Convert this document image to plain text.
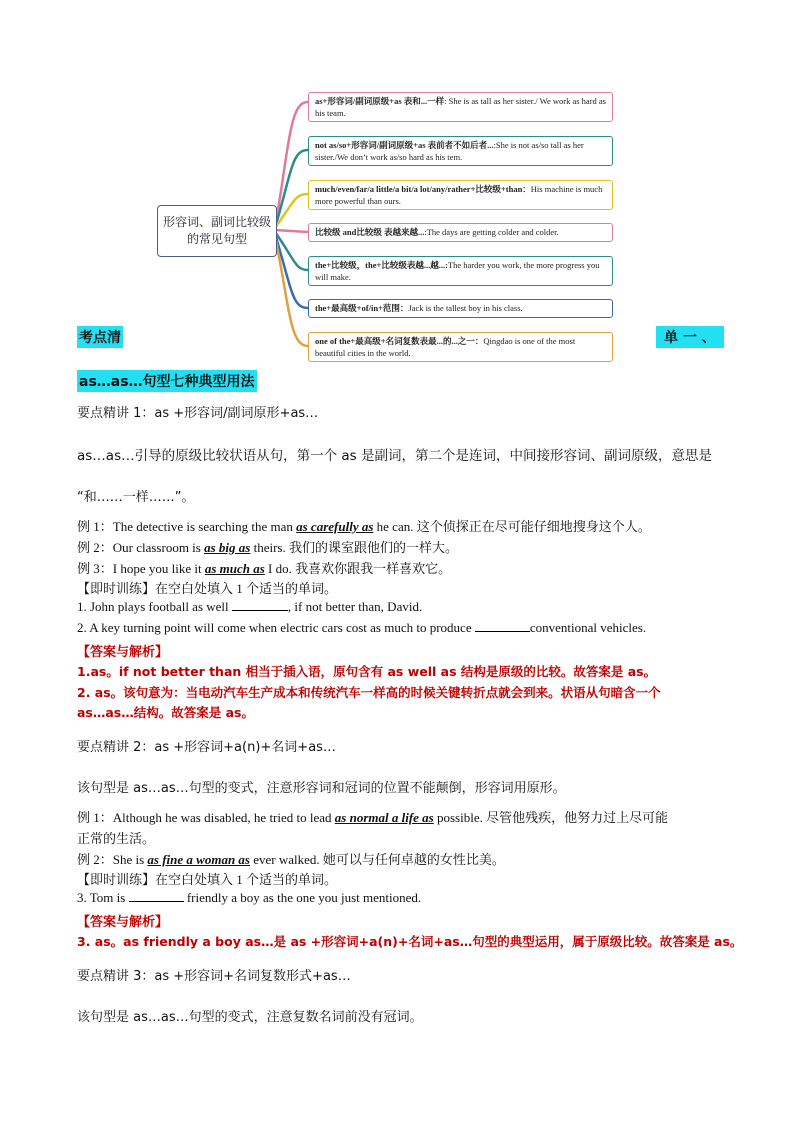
形容词、副词比较级的常见句型
as+形容词/副词原级+as 表和...一样: She is as tall as her sister./ We work as hard as his team.
not as/so+形容词/副词原级+as 表前者不如后者...:She is not as/so tall as her sister./We don’t work as/so hard as his tem.
much/even/far/a little/a bit/a lot/any/rather+比较级+than：His machine is much more powerful than ours.
比较级 and比较级 表越来越...:The days are getting colder and colder.
the+比较级，the+比较级表越...越...:The harder you work, the more progress you will make.
the+最高级+of/in+范围：Jack is the tallest boy in his class.
one of the+最高级+名词复数表最...的...之一：Qingdao is one of the most beautiful cities in the world.
考点清	单 一 、
as…as…句型七种典型用法
要点精讲 1：as +形容词/副词原形+as…
as…as…引导的原级比较状语从句，第一个 as 是副词，第二个是连词，中间接形容词、副词原级，意思是
“和……一样……”。
例 1：The detective is searching the man as carefully as he can. 这个侦探正在尽可能仔细地搜身这个人。
例 2：Our classroom is as big as theirs. 我们的课室跟他们的一样大。
例 3：I hope you like it as much as I do. 我喜欢你跟我一样喜欢它。
【即时训练】在空白处填入 1 个适当的单词。
1. John plays football as well	, if not better than, David.
2. A key turning point will come when electric cars cost as much to produce	conventional vehicles.
【答案与解析】
1.as。if not better than 相当于插入语，原句含有 as well as 结构是原级的比较。故答案是 as。
2. as。该句意为：当电动汽车生产成本和传统汽车一样高的时候关键转折点就会到来。状语从句暗含一个
as…as…结构。故答案是 as。
要点精讲 2：as +形容词+a(n)+名词+as…
该句型是 as…as…句型的变式，注意形容词和冠词的位置不能颠倒，形容词用原形。
例 1：Although he was disabled, he tried to lead as normal a life as possible. 尽管他残疾，他努力过上尽可能
正常的生活。
例 2：She is as fine a woman as ever walked. 她可以与任何卓越的女性比美。
【即时训练】在空白处填入 1 个适当的单词。
3. Tom is	friendly a boy as the one you just mentioned.
【答案与解析】
3. as。as friendly a boy as…是 as +形容词+a(n)+名词+as…句型的典型运用，属于原级比较。故答案是 as。
要点精讲 3：as +形容词+名词复数形式+as…
该句型是 as…as…句型的变式，注意复数名词前没有冠词。
